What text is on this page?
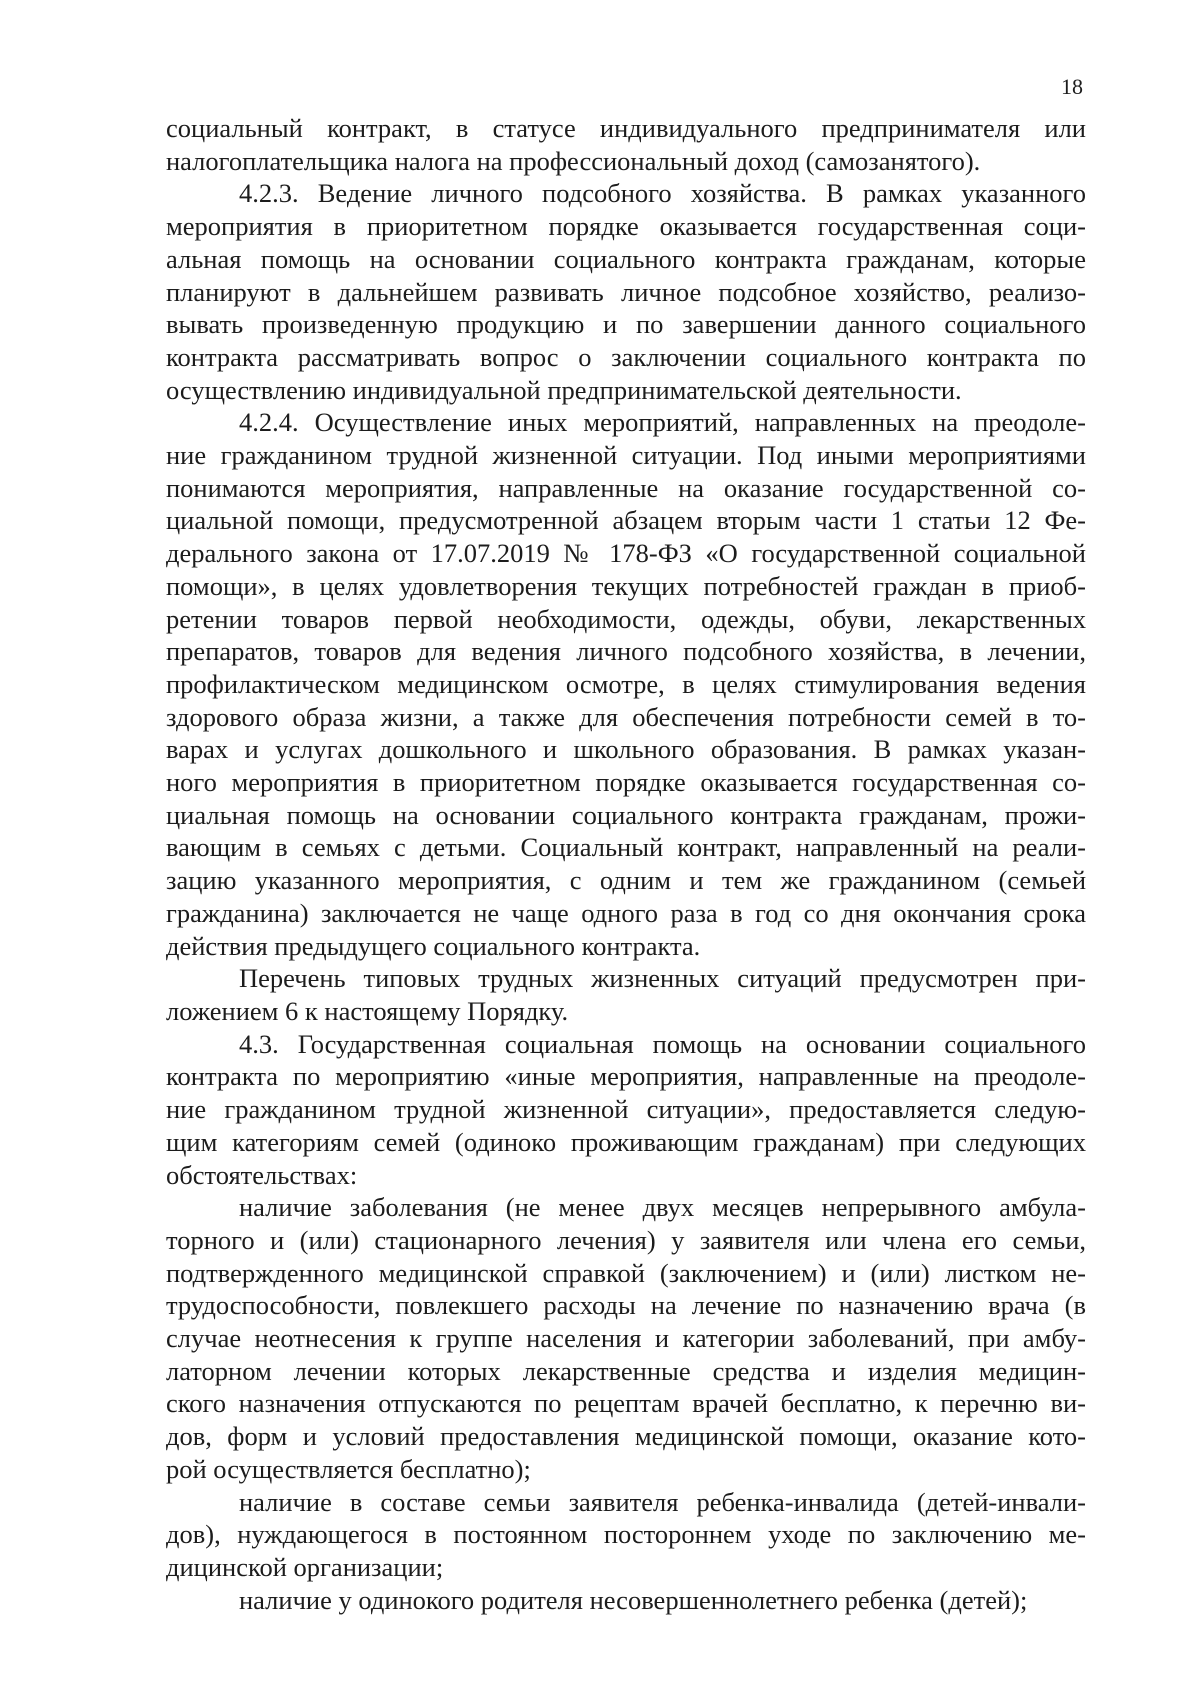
18
социальный контракт, в статусе индивидуального предпринимателя или
налогоплательщика налога на профессиональный доход (самозанятого).
4.2.3. Ведение личного подсобного хозяйства. В рамках указанного
мероприятия в приоритетном порядке оказывается государственная соци-
альная помощь на основании социального контракта гражданам, которые
планируют в дальнейшем развивать личное подсобное хозяйство, реализо-
вывать произведенную продукцию и по завершении данного социального
контракта рассматривать вопрос о заключении социального контракта по
осуществлению индивидуальной предпринимательской деятельности.
4.2.4. Осуществление иных мероприятий, направленных на преодоле-
ние гражданином трудной жизненной ситуации. Под иными мероприятиями
понимаются мероприятия, направленные на оказание государственной со-
циальной помощи, предусмотренной абзацем вторым части 1 статьи 12 Фе-
дерального закона от 17.07.2019 № 178-ФЗ «О государственной социальной
помощи», в целях удовлетворения текущих потребностей граждан в приоб-
ретении товаров первой необходимости, одежды, обуви, лекарственных
препаратов, товаров для ведения личного подсобного хозяйства, в лечении,
профилактическом медицинском осмотре, в целях стимулирования ведения
здорового образа жизни, а также для обеспечения потребности семей в то-
варах и услугах дошкольного и школьного образования. В рамках указан-
ного мероприятия в приоритетном порядке оказывается государственная со-
циальная помощь на основании социального контракта гражданам, прожи-
вающим в семьях с детьми. Социальный контракт, направленный на реали-
зацию указанного мероприятия, с одним и тем же гражданином (семьей
гражданина) заключается не чаще одного раза в год со дня окончания срока
действия предыдущего социального контракта.
Перечень типовых трудных жизненных ситуаций предусмотрен при-
ложением 6 к настоящему Порядку.
4.3. Государственная социальная помощь на основании социального
контракта по мероприятию «иные мероприятия, направленные на преодоле-
ние гражданином трудной жизненной ситуации», предоставляется следую-
щим категориям семей (одиноко проживающим гражданам) при следующих
обстоятельствах:
наличие заболевания (не менее двух месяцев непрерывного амбула-
торного и (или) стационарного лечения) у заявителя или члена его семьи,
подтвержденного медицинской справкой (заключением) и (или) листком не-
трудоспособности, повлекшего расходы на лечение по назначению врача (в
случае неотнесения к группе населения и категории заболеваний, при амбу-
латорном лечении которых лекарственные средства и изделия медицин-
ского назначения отпускаются по рецептам врачей бесплатно, к перечню ви-
дов, форм и условий предоставления медицинской помощи, оказание кото-
рой осуществляется бесплатно);
наличие в составе семьи заявителя ребенка-инвалида (детей-инвали-
дов), нуждающегося в постоянном постороннем уходе по заключению ме-
дицинской организации;
наличие у одинокого родителя несовершеннолетнего ребенка (детей);
